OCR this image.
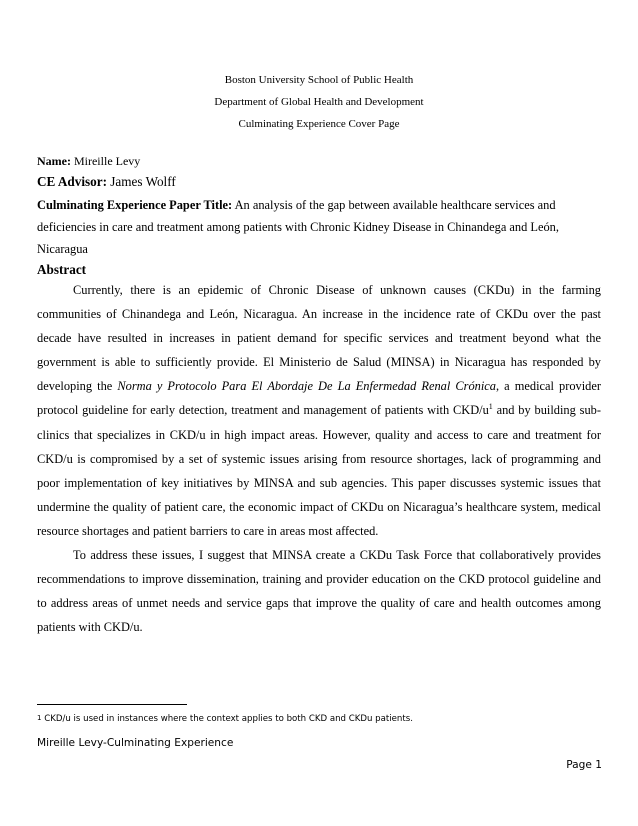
Boston University School of Public Health
Department of Global Health and Development
Culminating Experience Cover Page
Name: Mireille Levy
CE Advisor: James Wolff
Culminating Experience Paper Title: An analysis of the gap between available healthcare services and deficiencies in care and treatment among patients with Chronic Kidney Disease in Chinandega and León, Nicaragua
Abstract

Currently, there is an epidemic of Chronic Disease of unknown causes (CKDu) in the farming communities of Chinandega and León, Nicaragua. An increase in the incidence rate of CKDu over the past decade have resulted in increases in patient demand for specific services and treatment beyond what the government is able to sufficiently provide. El Ministerio de Salud (MINSA) in Nicaragua has responded by developing the Norma y Protocolo Para El Abordaje De La Enfermedad Renal Crónica, a medical provider protocol guideline for early detection, treatment and management of patients with CKD/$u^1$ and by building sub-clinics that specializes in CKD/u in high impact areas. However, quality and access to care and treatment for CKD/u is compromised by a set of systemic issues arising from resource shortages, lack of programming and poor implementation of key initiatives by MINSA and sub agencies. This paper discusses systemic issues that undermine the quality of patient care, the economic impact of CKDu on Nicaragua’s healthcare system, medical resource shortages and patient barriers to care in areas most affected.

To address these issues, I suggest that MINSA create a CKDu Task Force that collaboratively provides recommendations to improve dissemination, training and provider education on the CKD protocol guideline and to address areas of unmet needs and service gaps that improve the quality of care and health outcomes among patients with CKD/u.

$^1$ CKD/u is used in instances where the context applies to both CKD and CKDu patients.
Mireille Levy-Culminating Experience
Page 1
